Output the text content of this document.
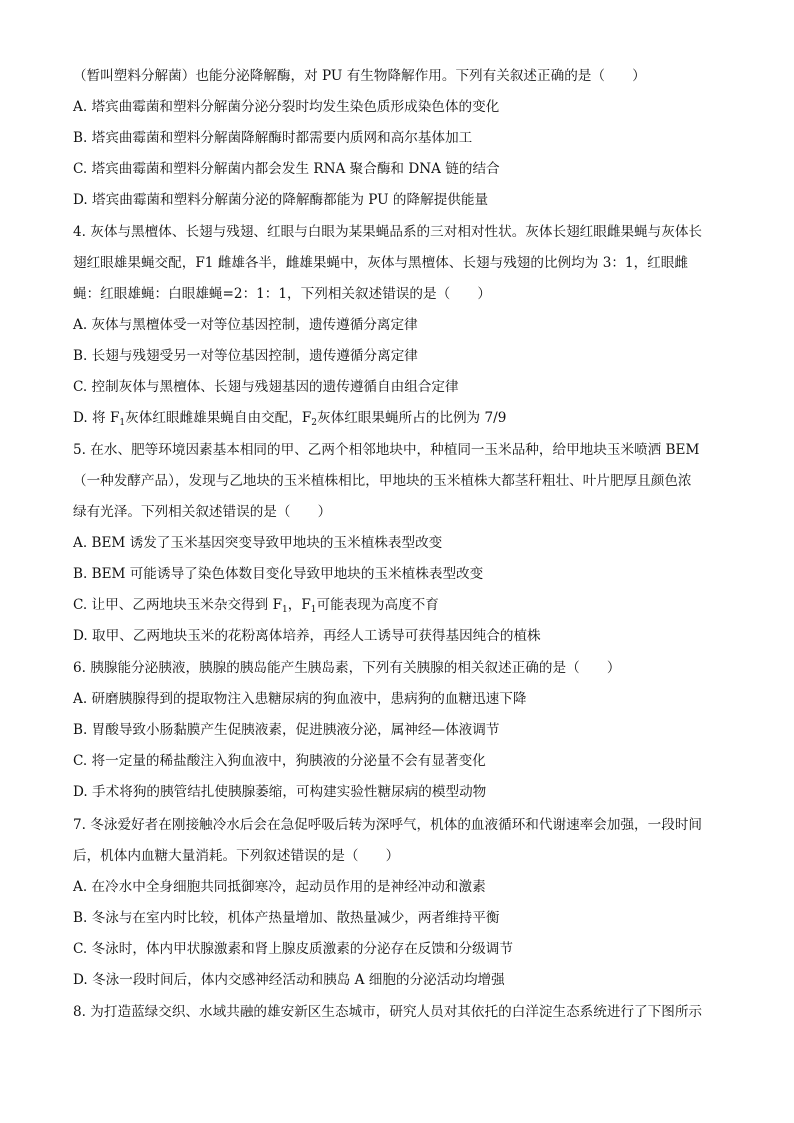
（暂叫塑料分解菌）也能分泌降解酶，对 PU 有生物降解作用。下列有关叙述正确的是（　　）
A. 塔宾曲霉菌和塑料分解菌分泌分裂时均发生染色质形成染色体的变化
B. 塔宾曲霉菌和塑料分解菌降解酶时都需要内质网和高尔基体加工
C. 塔宾曲霉菌和塑料分解菌内都会发生 RNA 聚合酶和 DNA 链的结合
D. 塔宾曲霉菌和塑料分解菌分泌的降解酶都能为 PU 的降解提供能量
4. 灰体与黑檀体、长翅与残翅、红眼与白眼为某果蝇品系的三对相对性状。灰体长翅红眼雌果蝇与灰体长
翅红眼雄果蝇交配，F1 雌雄各半，雌雄果蝇中，灰体与黑檀体、长翅与残翅的比例均为 3：1，红眼雌
蝇：红眼雄蝇：白眼雄蝇=2：1：1，下列相关叙述错误的是（　　）
A. 灰体与黑檀体受一对等位基因控制，遗传遵循分离定律
B. 长翅与残翅受另一对等位基因控制，遗传遵循分离定律
C. 控制灰体与黑檀体、长翅与残翅基因的遗传遵循自由组合定律
D. 将 $F_1$灰体红眼雌雄果蝇自由交配，$F_2$灰体红眼果蝇所占的比例为 7/9
5. 在水、肥等环境因素基本相同的甲、乙两个相邻地块中，种植同一玉米品种，给甲地块玉米喷洒 BEM
（一种发酵产品），发现与乙地块的玉米植株相比，甲地块的玉米植株大都茎秆粗壮、叶片肥厚且颜色浓
绿有光泽。下列相关叙述错误的是（　　）
A. BEM 诱发了玉米基因突变导致甲地块的玉米植株表型改变
B. BEM 可能诱导了染色体数目变化导致甲地块的玉米植株表型改变
C. 让甲、乙两地块玉米杂交得到 $F_1$，$F_1$可能表现为高度不育
D. 取甲、乙两地块玉米的花粉离体培养，再经人工诱导可获得基因纯合的植株
6. 胰腺能分泌胰液，胰腺的胰岛能产生胰岛素，下列有关胰腺的相关叙述正确的是（　　）
A. 研磨胰腺得到的提取物注入患糖尿病的狗血液中，患病狗的血糖迅速下降
B. 胃酸导致小肠黏膜产生促胰液素，促进胰液分泌，属神经—体液调节
C. 将一定量的稀盐酸注入狗血液中，狗胰液的分泌量不会有显著变化
D. 手术将狗的胰管结扎使胰腺萎缩，可构建实验性糖尿病的模型动物
7. 冬泳爱好者在刚接触冷水后会在急促呼吸后转为深呼气，机体的血液循环和代谢速率会加强，一段时间
后，机体内血糖大量消耗。下列叙述错误的是（　　）
A. 在冷水中全身细胞共同抵御寒冷，起动员作用的是神经冲动和激素
B. 冬泳与在室内时比较，机体产热量增加、散热量减少，两者维持平衡
C. 冬泳时，体内甲状腺激素和肾上腺皮质激素的分泌存在反馈和分级调节
D. 冬泳一段时间后，体内交感神经活动和胰岛 A 细胞的分泌活动均增强
8. 为打造蓝绿交织、水域共融的雄安新区生态城市，研究人员对其依托的白洋淀生态系统进行了下图所示
